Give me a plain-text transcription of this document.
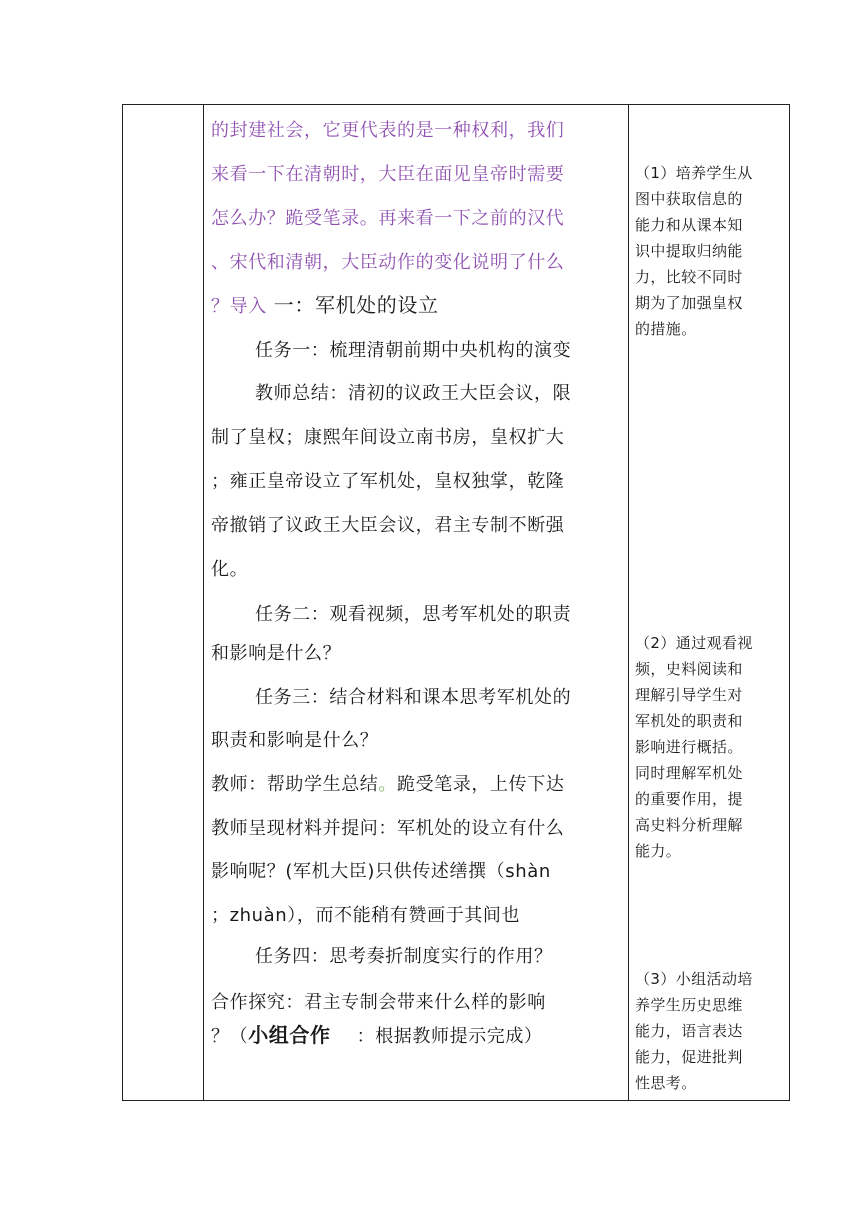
的封建社会，它更代表的是一种权利，我们
来看一下在清朝时，大臣在面见皇帝时需要
怎么办？跪受笔录。再来看一下之前的汉代
、宋代和清朝，大臣动作的变化说明了什么
？导入 一：军机处的设立
任务一：梳理清朝前期中央机构的演变
教师总结：清初的议政王大臣会议，限
制了皇权；康熙年间设立南书房，皇权扩大
；雍正皇帝设立了军机处，皇权独掌，乾隆
帝撤销了议政王大臣会议，君主专制不断强
化。
任务二：观看视频，思考军机处的职责
和影响是什么？
任务三：结合材料和课本思考军机处的
职责和影响是什么？
教师：帮助学生总结。跪受笔录，上传下达
教师呈现材料并提问：军机处的设立有什么
影响呢？(军机大臣)只供传述缮撰（shàn
；zhuàn），而不能稍有赞画于其间也
任务四：思考奏折制度实行的作用？
合作探究：君主专制会带来什么样的影响
？（小组合作 ：根据教师提示完成）
（1）培养学生从
图中获取信息的
能力和从课本知
识中提取归纳能
力，比较不同时
期为了加强皇权
的措施。
（2）通过观看视
频，史料阅读和
理解引导学生对
军机处的职责和
影响进行概括。
同时理解军机处
的重要作用，提
高史料分析理解
能力。
（3）小组活动培
养学生历史思维
能力，语言表达
能力，促进批判
性思考。
